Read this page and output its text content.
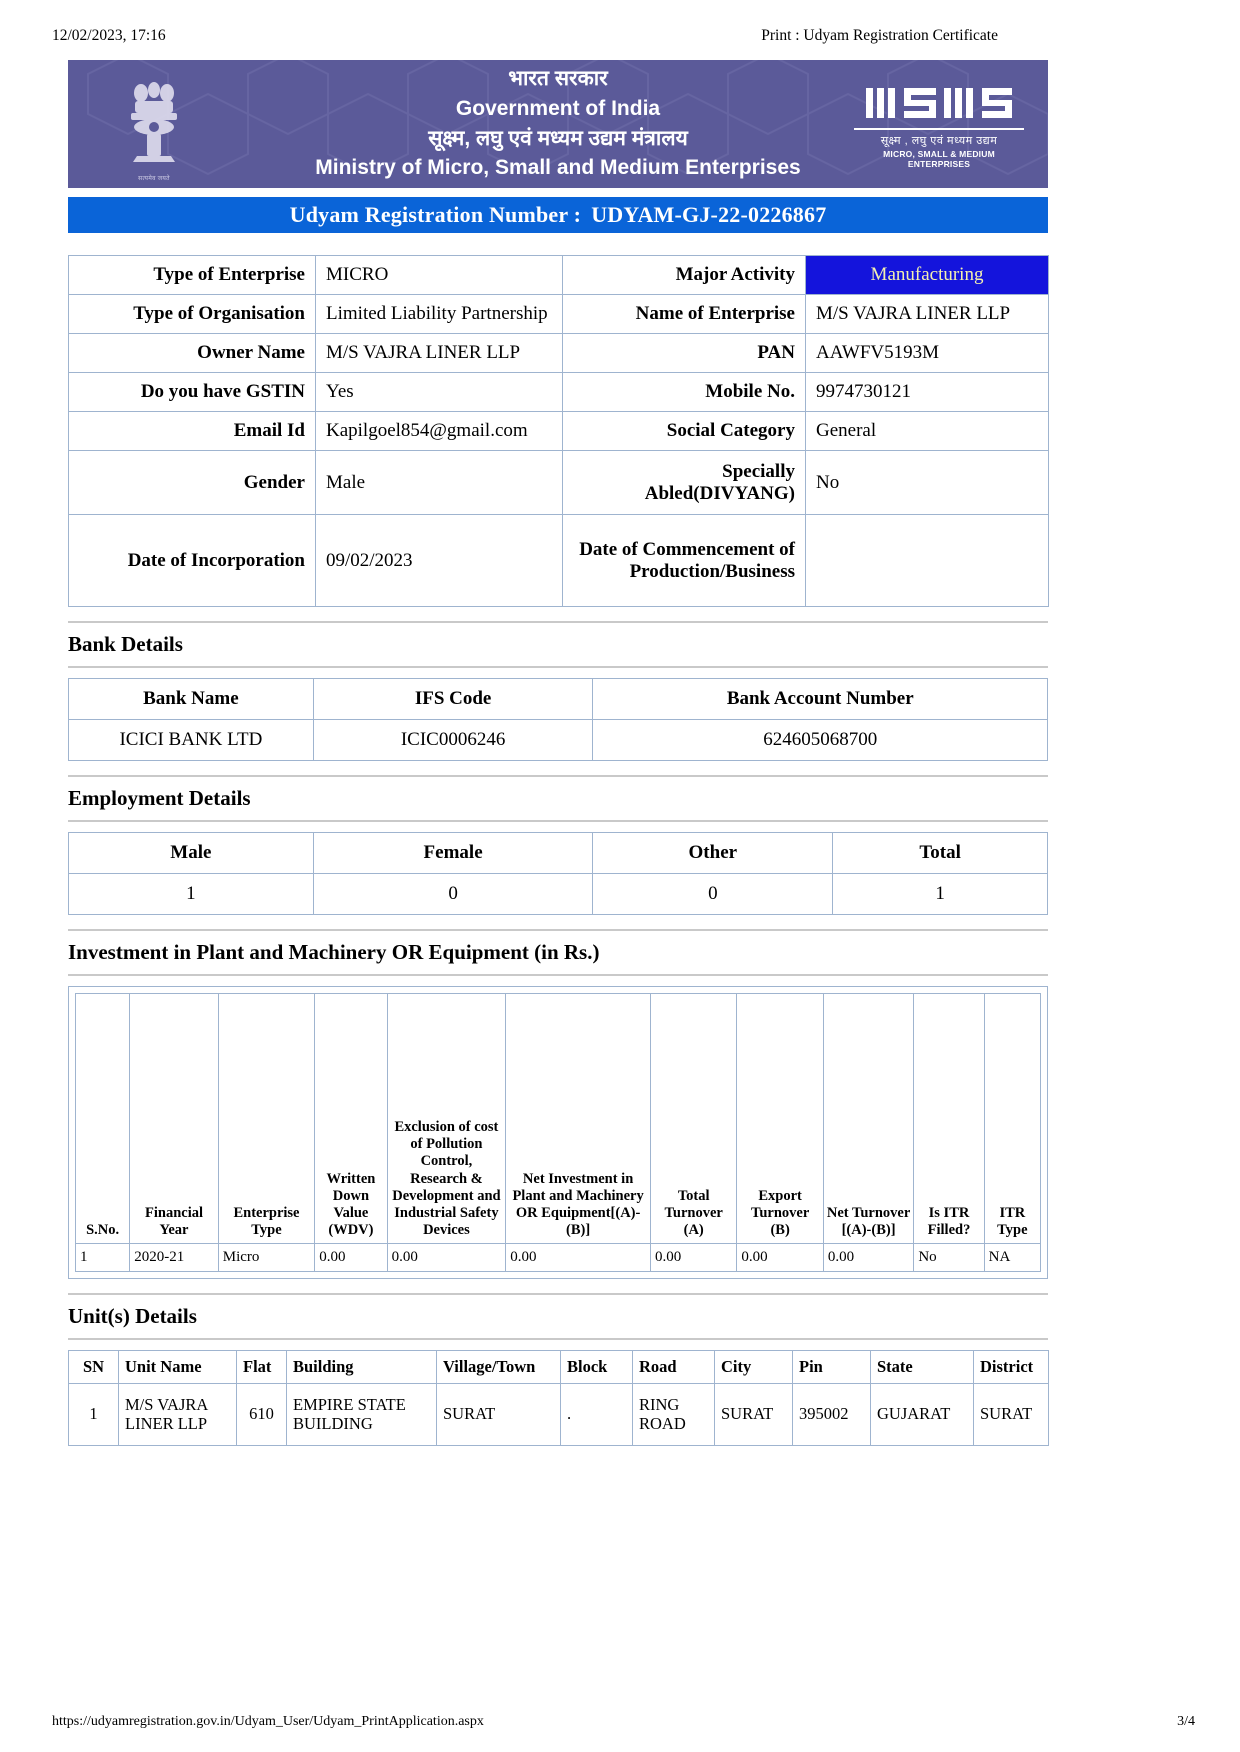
12/02/2023, 17:16	Print : Udyam Registration Certificate
सत्यमेव जयते
भारत सरकार
Government of India
सूक्ष्म, लघु एवं मध्यम उद्यम मंत्रालय
Ministry of Micro, Small and Medium Enterprises
सूक्ष्म , लघु एवं मध्यम उद्यम
MICRO, SMALL & MEDIUM ENTERPRISES
Udyam Registration Number : UDYAM-GJ-22-0226867
Type of Enterprise	MICRO	Major Activity	Manufacturing
Type of Organisation	Limited Liability Partnership	Name of Enterprise	M/S VAJRA LINER LLP
Owner Name	M/S VAJRA LINER LLP	PAN	AAWFV5193M
Do you have GSTIN	Yes	Mobile No.	9974730121
Email Id	Kapilgoel854@gmail.com	Social Category	General
Gender	Male	Specially Abled(DIVYANG)	No
Date of Incorporation	09/02/2023	Date of Commencement of Production/Business	
Bank Details
Bank Name	IFS Code	Bank Account Number
ICICI BANK LTD	ICIC0006246	624605068700
Employment Details
Male	Female	Other	Total
1	0	0	1
Investment in Plant and Machinery OR Equipment (in Rs.)
S.No.	Financial Year	Enterprise Type	Written Down Value (WDV)	Exclusion of cost of Pollution Control, Research & Development and Industrial Safety Devices	Net Investment in Plant and Machinery OR Equipment[(A)-(B)]	Total Turnover (A)	Export Turnover (B)	Net Turnover [(A)-(B)]	Is ITR Filled?	ITR Type
1	2020-21	Micro	0.00	0.00	0.00	0.00	0.00	0.00	No	NA
Unit(s) Details
SN	Unit Name	Flat	Building	Village/Town	Block	Road	City	Pin	State	District
1	M/S VAJRA LINER LLP	610	EMPIRE STATE BUILDING	SURAT	.	RING ROAD	SURAT	395002	GUJARAT	SURAT
https://udyamregistration.gov.in/Udyam_User/Udyam_PrintApplication.aspx	3/4
